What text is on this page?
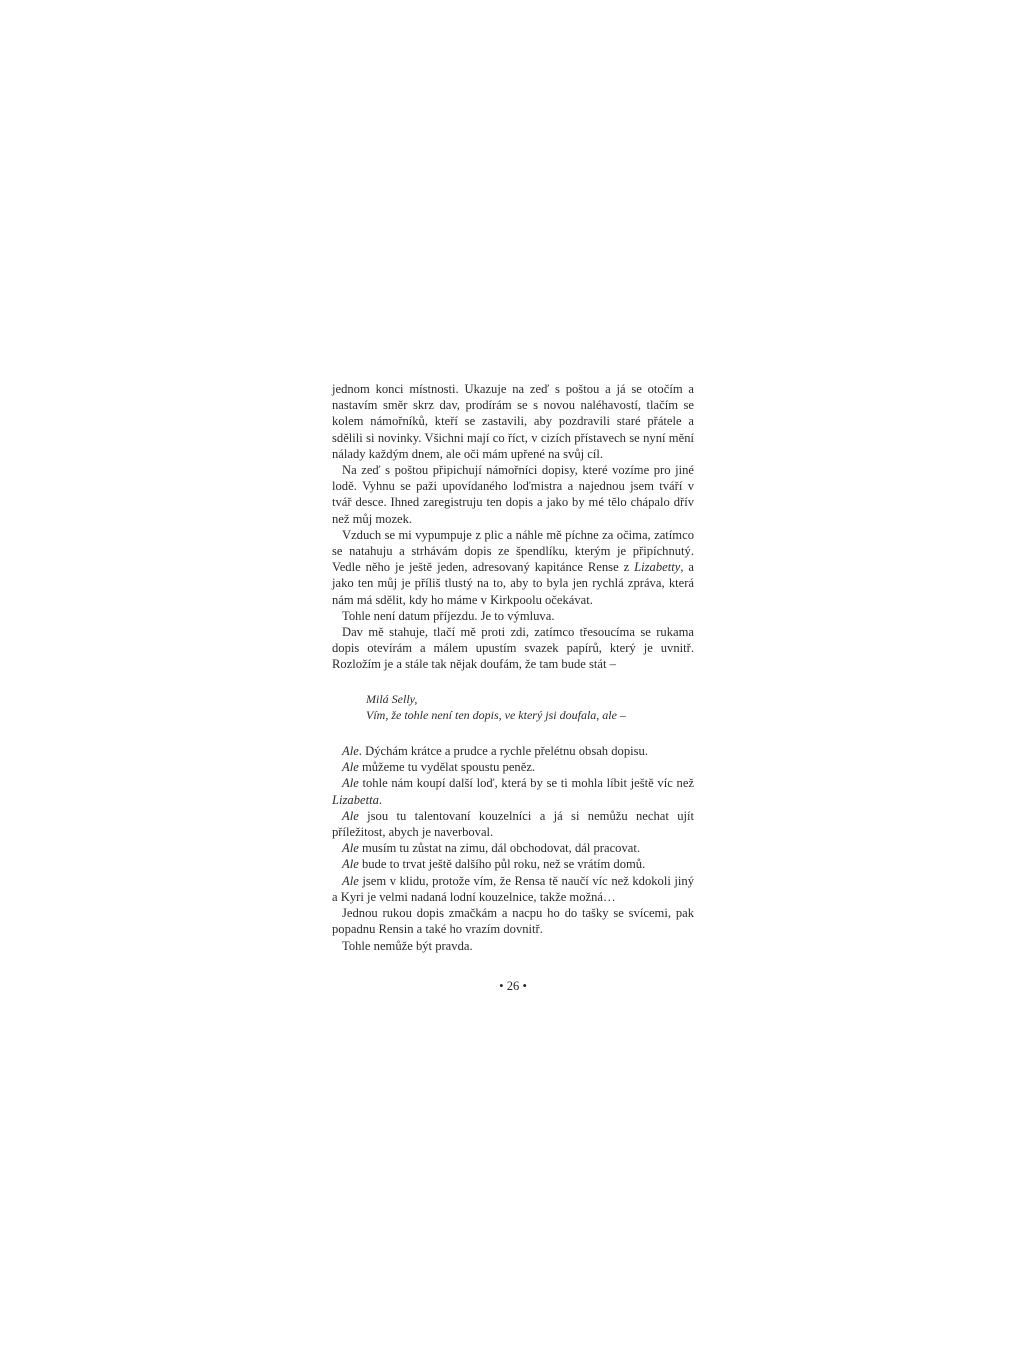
jednom konci místnosti. Ukazuje na zeď s poštou a já se otočím a nastavím směr skrz dav, prodírám se s novou naléhavostí, tlačím se kolem námořníků, kteří se zastavili, aby pozdravili staré přátele a sdělili si novinky. Všichni mají co říct, v cizích přístavech se nyní mění nálady každým dnem, ale oči mám upřené na svůj cíl.

Na zeď s poštou připichují námořníci dopisy, které vozíme pro jiné lodě. Vyhnu se paži upovídaného loďmistra a najednou jsem tváří v tvář desce. Ihned zaregistruju ten dopis a jako by mé tělo chápalo dřív než můj mozek.

Vzduch se mi vypumpuje z plic a náhle mě píchne za očima, zatímco se natahuju a strhávám dopis ze špendlíku, kterým je připíchnutý. Vedle něho je ještě jeden, adresovaný kapitánce Rense z Lizabetty, a jako ten můj je příliš tlustý na to, aby to byla jen rychlá zpráva, která nám má sdělit, kdy ho máme v Kirkpoolu očekávat.

Tohle není datum příjezdu. Je to výmluva.

Dav mě stahuje, tlačí mě proti zdi, zatímco třesoucíma se rukama dopis otevírám a málem upustím svazek papírů, který je uvnitř. Rozložím je a stále tak nějak doufám, že tam bude stát –

Milá Selly,
Vím, že tohle není ten dopis, ve který jsi doufala, ale –

Ale. Dýchám krátce a prudce a rychle přelétnu obsah dopisu.

Ale můžeme tu vydělat spoustu peněz.

Ale tohle nám koupí další loď, která by se ti mohla líbit ještě víc než Lizabetta.

Ale jsou tu talentovaní kouzelníci a já si nemůžu nechat ujít příležitost, abych je naverboval.

Ale musím tu zůstat na zimu, dál obchodovat, dál pracovat.

Ale bude to trvat ještě dalšího půl roku, než se vrátím domů.

Ale jsem v klidu, protože vím, že Rensa tě naučí víc než kdokoli jiný a Kyri je velmi nadaná lodní kouzelnice, takže možná…

Jednou rukou dopis zmačkám a nacpu ho do tašky se svícemi, pak popadnu Rensin a také ho vrazím dovnitř.

Tohle nemůže být pravda.

• 26 •
